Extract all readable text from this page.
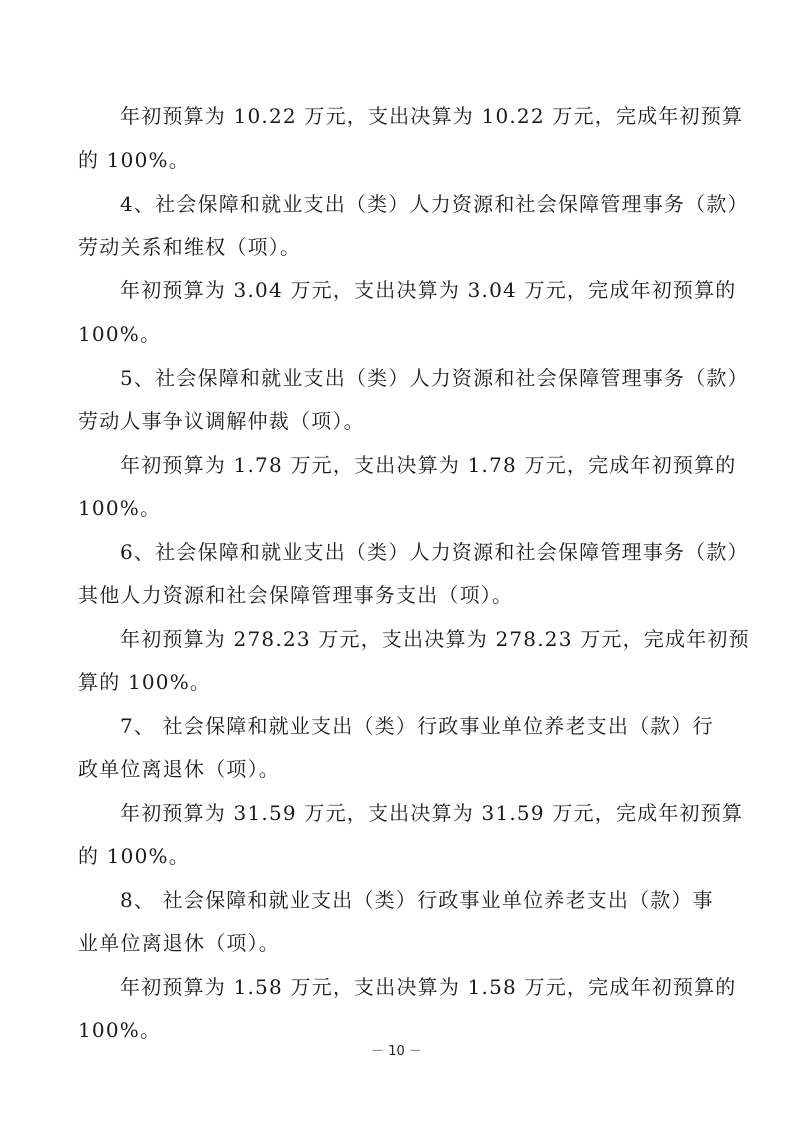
年初预算为 10.22 万元，支出决算为 10.22 万元，完成年初预算
的 100%。
4、社会保障和就业支出（类）人力资源和社会保障管理事务（款）
劳动关系和维权（项）。
年初预算为 3.04 万元，支出决算为 3.04 万元，完成年初预算的
100%。
5、社会保障和就业支出（类）人力资源和社会保障管理事务（款）
劳动人事争议调解仲裁（项）。
年初预算为 1.78 万元，支出决算为 1.78 万元，完成年初预算的
100%。
6、社会保障和就业支出（类）人力资源和社会保障管理事务（款）
其他人力资源和社会保障管理事务支出（项）。
年初预算为 278.23 万元，支出决算为 278.23 万元，完成年初预
算的 100%。
7、 社会保障和就业支出（类）行政事业单位养老支出（款）行
政单位离退休（项）。
年初预算为 31.59 万元，支出决算为 31.59 万元，完成年初预算
的 100%。
8、 社会保障和就业支出（类）行政事业单位养老支出（款）事
业单位离退休（项）。
年初预算为 1.58 万元，支出决算为 1.58 万元，完成年初预算的
100%。
－ 10 －
